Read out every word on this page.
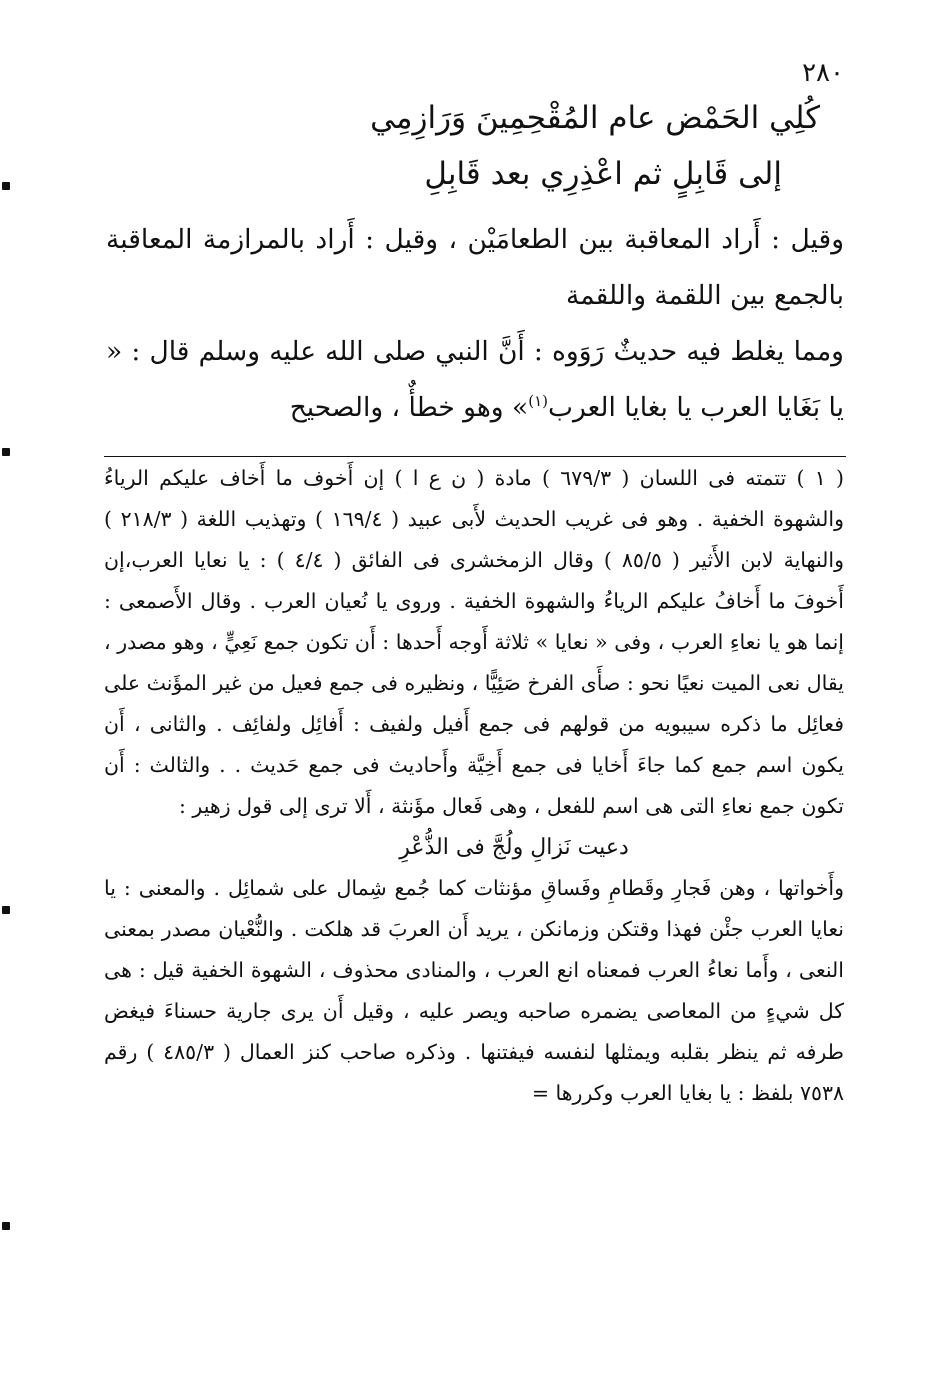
٢٨٠
كُلِي الحَمْض عام المُقْحِمِينَ وَرَازِمِي
إلى قَابِلٍ ثم اعْذِرِي بعد قَابِلِ

وقيل : أَراد المعاقبة بين الطعامَيْن ، وقيل : أَراد بالمرازمة المعاقبة بالجمع بين اللقمة واللقمة

ومما يغلط فيه حديثٌ رَوَوه : أَنَّ النبي صلى الله عليه وسلم قال : « يا بَغَايا العرب يا بغايا العرب$^{(١)}$» وهو خطأٌ ، والصحيح

( ١ ) تتمته فى اللسان ( ٦٧٩/٣ ) مادة ( ن ع ا ) إن أَخوف ما أَخاف عليكم الرياءُ والشهوة الخفية . وهو فى غريب الحديث لأَبى عبيد ( ١٦٩/٤ ) وتهذيب اللغة ( ٢١٨/٣ ) والنهاية لابن الأَثير ( ٨٥/٥ ) وقال الزمخشرى فى الفائق ( ٤/٤ ) : يا نعايا العرب،إن أَخوفَ ما أَخافُ عليكم الرياءُ والشهوة الخفية . وروى يا نُعيان العرب . وقال الأَصمعى : إنما هو يا نعاءِ العرب ، وفى « نعايا » ثلاثة أَوجه أَحدها : أَن تكون جمع نَعِيٍّ ، وهو مصدر ، يقال نعى الميت نعيًا نحو : صأَى الفرخ صَئِيًّا ، ونظيره فى جمع فعيل من غير المؤَنث على فعائِل ما ذكره سيبويه من قولهم فى جمع أَفيل ولفيف : أَفائِل ولفائِف . والثانى ، أَن يكون اسم جمع كما جاءَ أَخايا فى جمع أَخِيَّة وأَحاديث فى جمع حَديث . . والثالث : أَن تكون جمع نعاءِ التى هى اسم للفعل ، وهى فَعال مؤَنثة ، أَلا ترى إلى قول زهير :

دعيت نَزالِ ولُجَّ فى الذُّعْرِ

وأَخواتها ، وهن فَجارِ وقَطامِ وفَساقِ مؤنثات كما جُمع شِمال على شمائِل . والمعنى : يا نعايا العرب جئْن فهذا وقتكن وزمانكن ، يريد أَن العربَ قد هلكت . والنُّعْيان مصدر بمعنى النعى ، وأَما نعاءُ العرب فمعناه انع العرب ، والمنادى محذوف ، الشهوة الخفية قيل : هى كل شيءٍ من المعاصى يضمره صاحبه ويصر عليه ، وقيل أَن يرى جارية حسناءَ فيغض طرفه ثم ينظر بقلبه ويمثلها لنفسه فيفتنها . وذكره صاحب كنز العمال ( ٤٨٥/٣ ) رقم ٧٥٣٨ بلفظ : يا بغايا العرب وكررها =
